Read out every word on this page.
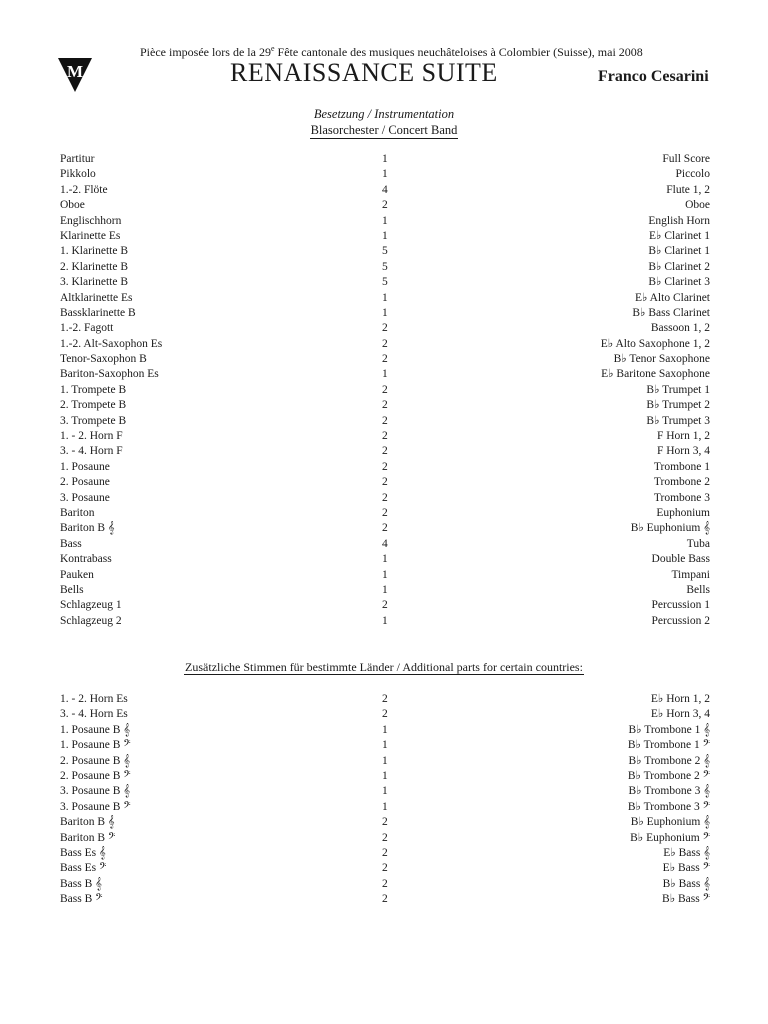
M
Pièce imposée lors de la 29e Fête cantonale des musiques neuchâteloises à Colombier (Suisse), mai 2008
RENAISSANCE SUITE	Franco Cesarini
Besetzung / Instrumentation
Blasorchester / Concert Band
Partitur	1	Full Score
Pikkolo	1	Piccolo
1.-2. Flöte	4	Flute 1, 2
Oboe	2	Oboe
Englischhorn	1	English Horn
Klarinette Es	1	E♭ Clarinet 1
1. Klarinette B	5	B♭ Clarinet 1
2. Klarinette B	5	B♭ Clarinet 2
3. Klarinette B	5	B♭ Clarinet 3
Altklarinette Es	1	E♭ Alto Clarinet
Bassklarinette B	1	B♭ Bass Clarinet
1.-2. Fagott	2	Bassoon 1, 2
1.-2. Alt-Saxophon Es	2	E♭ Alto Saxophone 1, 2
Tenor-Saxophon B	2	B♭ Tenor Saxophone
Bariton-Saxophon Es	1	E♭ Baritone Saxophone
1. Trompete B	2	B♭ Trumpet 1
2. Trompete B	2	B♭ Trumpet 2
3. Trompete B	2	B♭ Trumpet 3
1. - 2. Horn F	2	F Horn 1, 2
3. - 4. Horn F	2	F Horn 3, 4
1. Posaune	2	Trombone 1
2. Posaune	2	Trombone 2
3. Posaune	2	Trombone 3
Bariton	2	Euphonium
Bariton B 𝄞	2	B♭ Euphonium 𝄞
Bass	4	Tuba
Kontrabass	1	Double Bass
Pauken	1	Timpani
Bells	1	Bells
Schlagzeug 1	2	Percussion 1
Schlagzeug 2	1	Percussion 2
Zusätzliche Stimmen für bestimmte Länder / Additional parts for certain countries:
1. - 2. Horn Es	2	E♭ Horn 1, 2
3. - 4. Horn Es	2	E♭ Horn 3, 4
1. Posaune B 𝄞	1	B♭ Trombone 1 𝄞
1. Posaune B 𝄢	1	B♭ Trombone 1 𝄢
2. Posaune B 𝄞	1	B♭ Trombone 2 𝄞
2. Posaune B 𝄢	1	B♭ Trombone 2 𝄢
3. Posaune B 𝄞	1	B♭ Trombone 3 𝄞
3. Posaune B 𝄢	1	B♭ Trombone 3 𝄢
Bariton B 𝄞	2	B♭ Euphonium 𝄞
Bariton B 𝄢	2	B♭ Euphonium 𝄢
Bass Es 𝄞	2	E♭ Bass 𝄞
Bass Es 𝄢	2	E♭ Bass 𝄢
Bass B 𝄞	2	B♭ Bass 𝄞
Bass B 𝄢	2	B♭ Bass 𝄢
